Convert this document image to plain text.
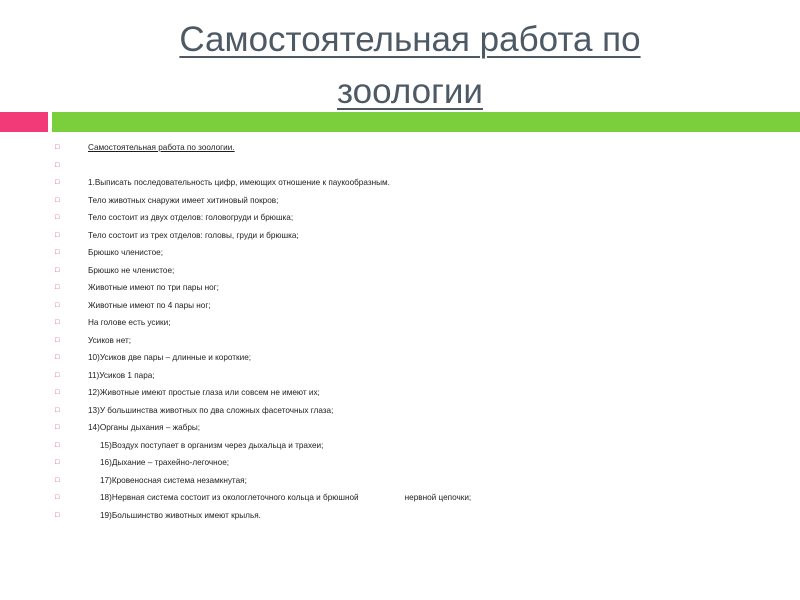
Самостоятельная работа по
зоологии
□	Самостоятельная работа по зоологии.
□
□	1.Выписать последовательность цифр, имеющих отношение к паукообразным.
□	Тело животных снаружи имеет хитиновый покров;
□	Тело состоит из двух отделов: головогруди и брюшка;
□	Тело состоит из трех отделов: головы, груди и брюшка;
□	Брюшко членистое;
□	Брюшко не членистое;
□	Животные имеют по три пары ног;
□	Животные имеют по 4 пары ног;
□	На голове есть усики;
□	Усиков нет;
□	10)Усиков две пары – длинные и короткие;
□	11)Усиков 1 пара;
□	12)Животные имеют простые глаза или совсем не имеют их;
□	13)У большинства животных по два сложных фасеточных глаза;
□	14)Органы дыхания – жабры;
□	15)Воздух поступает в организм через дыхальца и трахеи;
□	16)Дыхание – трахейно-легочное;
□	17)Кровеносная система незамкнутая;
□	18)Нервная система состоит из окологлеточного кольца и брюшной	нервной цепочки;
□	19)Большинство животных имеют крылья.
